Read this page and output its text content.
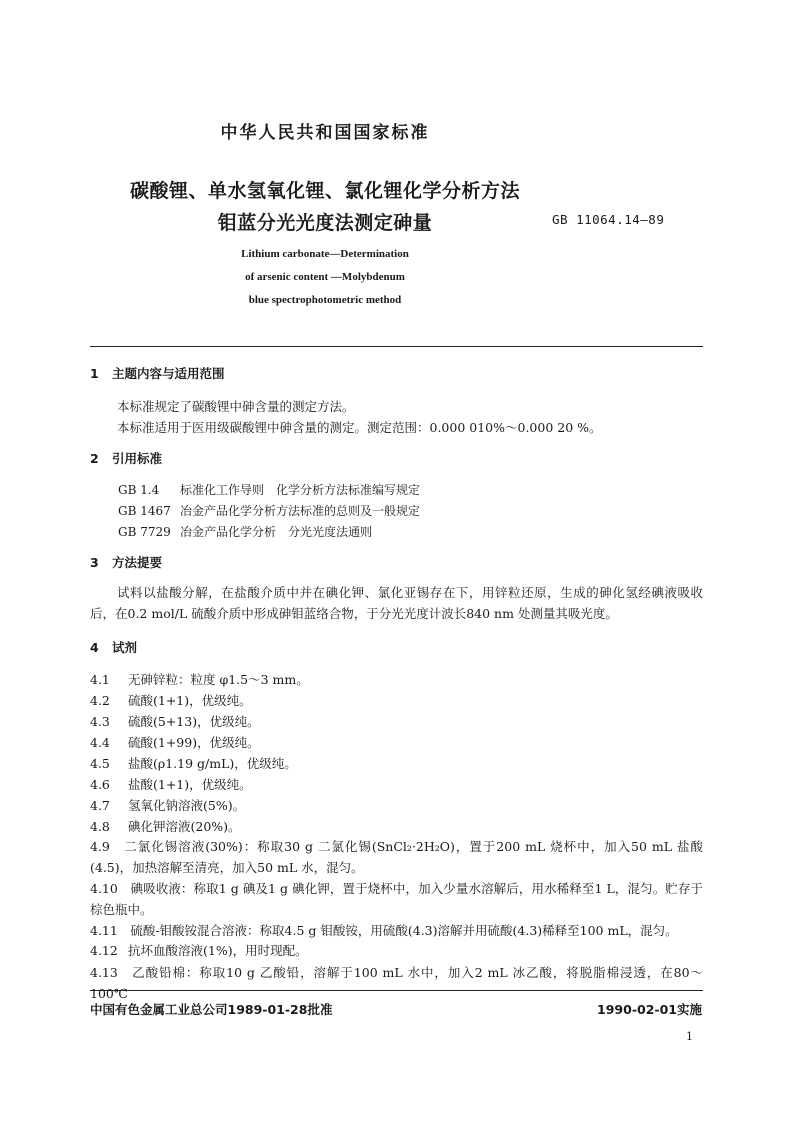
中华人民共和国国家标准
碳酸锂、单水氢氧化锂、氯化锂化学分析方法
钼蓝分光光度法测定砷量	GB 11064.14—89
Lithium carbonate—Determination
of arsenic content —Molybdenum
blue spectrophotometric method
1 主题内容与适用范围
本标准规定了碳酸锂中砷含量的测定方法。
本标准适用于医用级碳酸锂中砷含量的测定。测定范围：0.000 010%～0.000 20 %。
2 引用标准
GB 1.4 标准化工作导则　化学分析方法标准编写规定
GB 1467 冶金产品化学分析方法标准的总则及一般规定
GB 7729 冶金产品化学分析　分光光度法通则
3 方法提要
试料以盐酸分解，在盐酸介质中并在碘化钾、氯化亚锡存在下，用锌粒还原，生成的砷化氢经碘液吸收后，在0.2 mol/L 硫酸介质中形成砷钼蓝络合物，于分光光度计波长840 nm 处测量其吸光度。
4 试剂
4.1 无砷锌粒：粒度 φ1.5～3 mm。
4.2 硫酸(1+1)，优级纯。
4.3 硫酸(5+13)，优级纯。
4.4 硫酸(1+99)，优级纯。
4.5 盐酸(ρ1.19 g/mL)，优级纯。
4.6 盐酸(1+1)，优级纯。
4.7 氢氧化钠溶液(5%)。
4.8 碘化钾溶液(20%)。
4.9　二氯化锡溶液(30%)：称取30 g 二氯化锡(SnCl₂·2H₂O)，置于200 mL 烧杯中，加入50 mL 盐酸(4.5)，加热溶解至清亮，加入50 mL 水，混匀。
4.10　碘吸收液：称取1 g 碘及1 g 碘化钾，置于烧杯中，加入少量水溶解后，用水稀释至1 L，混匀。贮存于棕色瓶中。
4.11　硫酸-钼酸铵混合溶液：称取4.5 g 钼酸铵，用硫酸(4.3)溶解并用硫酸(4.3)稀释至100 mL，混匀。
4.12 抗坏血酸溶液(1%)，用时现配。
4.13　乙酸铅棉：称取10 g 乙酸铅，溶解于100 mL 水中，加入2 mL 冰乙酸，将脱脂棉浸透，在80～100℃
中国有色金属工业总公司1989-01-28批准	1990-02-01实施
1
